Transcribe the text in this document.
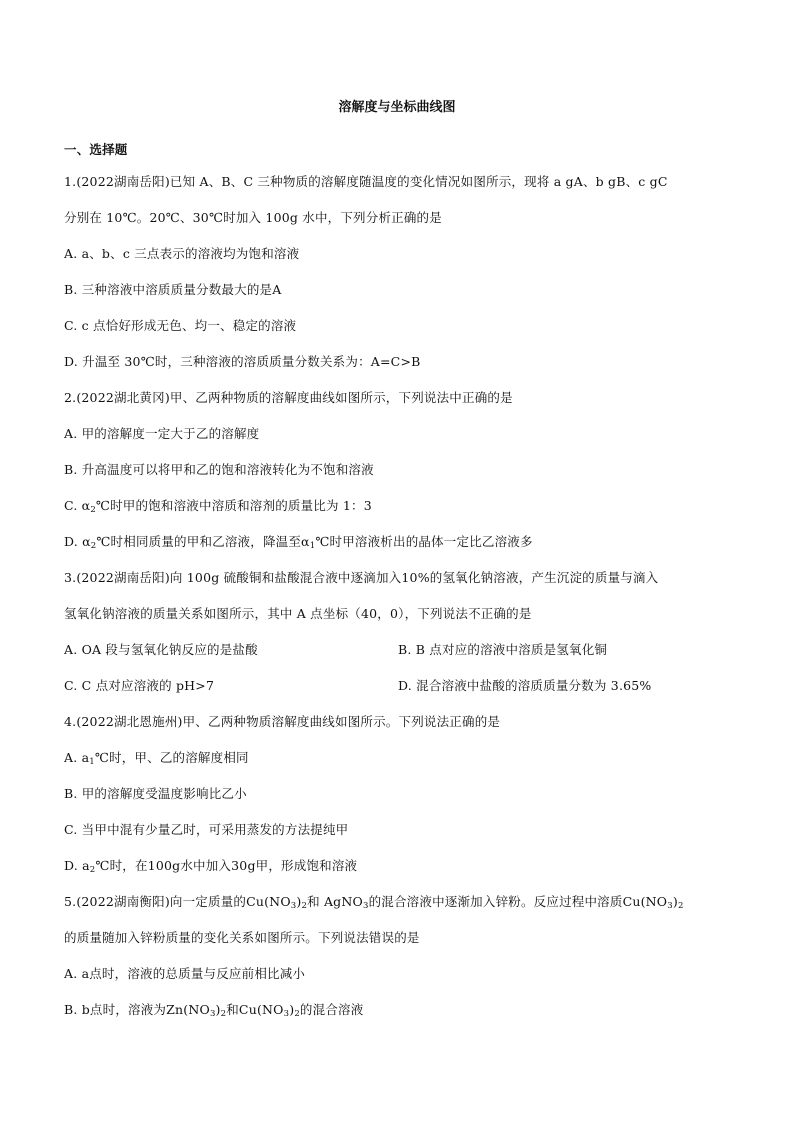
溶解度与坐标曲线图
一、选择题
1.(2022湖南岳阳)已知 A、B、C 三种物质的溶解度随温度的变化情况如图所示，现将 a gA、b gB、c gC
分别在 10℃。20℃、30℃时加入 100g 水中，下列分析正确的是
A. a、b、c 三点表示的溶液均为饱和溶液
B. 三种溶液中溶质质量分数最大的是A
C. c 点恰好形成无色、均一、稳定的溶液
D. 升温至 30℃时，三种溶液的溶质质量分数关系为：A=C>B
2.(2022湖北黄冈)甲、乙两种物质的溶解度曲线如图所示，下列说法中正确的是
A. 甲的溶解度一定大于乙的溶解度
B. 升高温度可以将甲和乙的饱和溶液转化为不饱和溶液
C. $\alpha_2℃$时甲的饱和溶液中溶质和溶剂的质量比为 1：3
D. $\alpha_2℃$时相同质量的甲和乙溶液，降温至$\alpha_1℃$时甲溶液析出的晶体一定比乙溶液多
3.(2022湖南岳阳)向 100g 硫酸铜和盐酸混合液中逐滴加入10%的氢氧化钠溶液，产生沉淀的质量与滴入
氢氧化钠溶液的质量关系如图所示，其中 A 点坐标（40，0），下列说法不正确的是
A. OA 段与氢氧化钠反应的是盐酸	B. B 点对应的溶液中溶质是氢氧化铜
C. C 点对应溶液的 pH>7	D. 混合溶液中盐酸的溶质质量分数为 3.65%
4.(2022湖北恩施州)甲、乙两种物质溶解度曲线如图所示。下列说法正确的是
A. $a_1℃$时，甲、乙的溶解度相同
B. 甲的溶解度受温度影响比乙小
C. 当甲中混有少量乙时，可采用蒸发的方法提纯甲
D. $a_2℃$时，在100g水中加入30g甲，形成饱和溶液
5.(2022湖南衡阳)向一定质量的$Cu(NO_3)_2$和 AgNO$_3$的混合溶液中逐渐加入锌粉。反应过程中溶质$Cu(NO_3)_2$
的质量随加入锌粉质量的变化关系如图所示。下列说法错误的是
A. a点时，溶液的总质量与反应前相比减小
B. b点时，溶液为$Zn(NO_3)_2$和$Cu(NO_3)_2$的混合溶液
